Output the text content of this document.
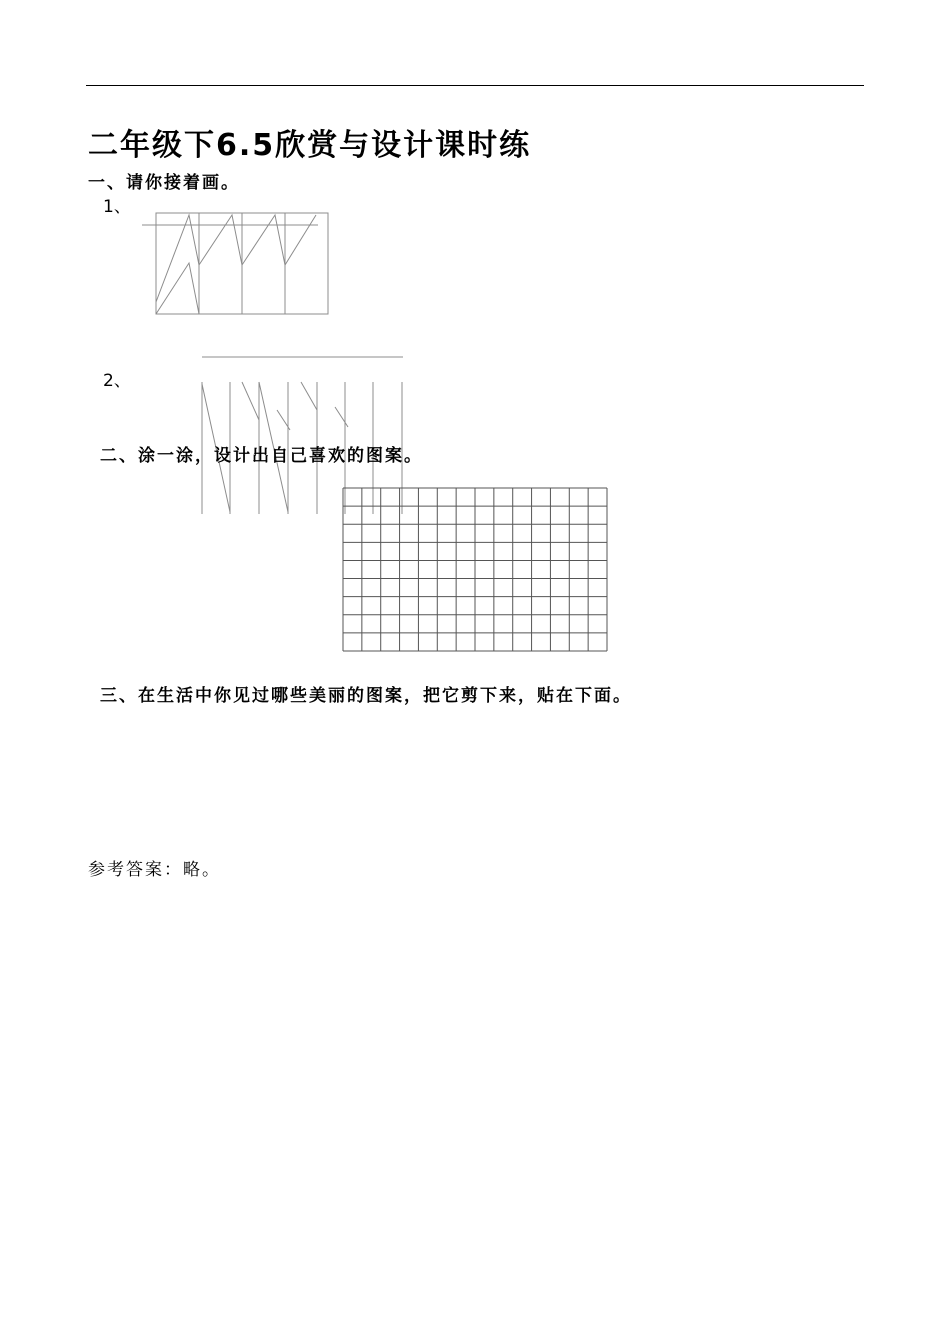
二年级下6.5欣赏与设计课时练
一、请你接着画。
1、
2、
二、涂一涂，设计出自己喜欢的图案。
三、在生活中你见过哪些美丽的图案，把它剪下来，贴在下面。
参考答案：略。
